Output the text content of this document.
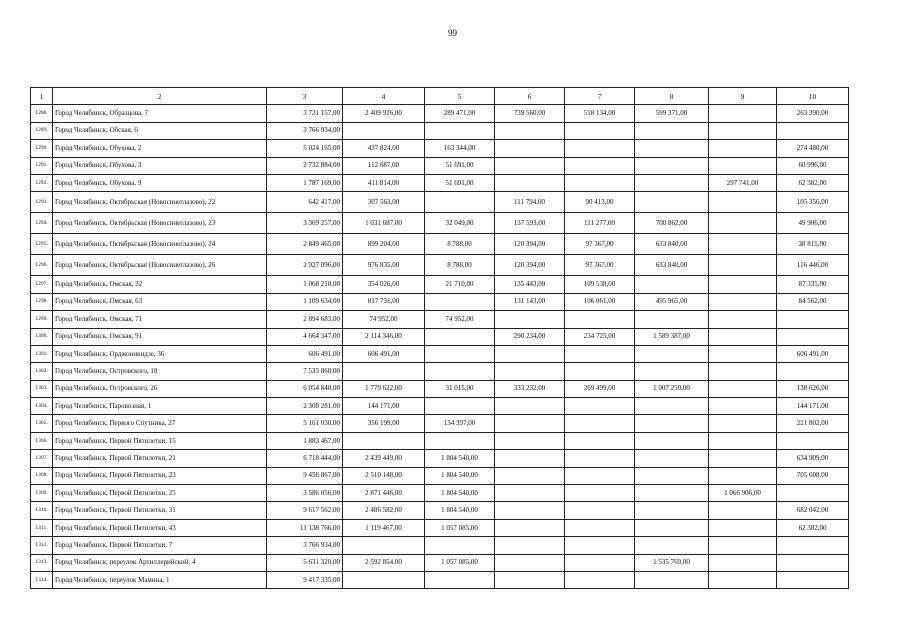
99
1	2	3	4	5	6	7	8	9	10
1288.	Город Челябинск, Образцова, 7	3 721 157,00	2 409 926,00	289 471,00	739 560,00	518 134,00	599 371,00		263 390,00
1289.	Город Челябинск, Обская, 6	3 766 934,00							
1290.	Город Челябинск, Обухова, 2	5 024 165,00	437 824,00	163 344,00					274 480,00
1291.	Город Челябинск, Обухова, 3	2 732 884,00	112 687,00	51 691,00					60 996,00
1292.	Город Челябинск, Обухова, 9	1 787 169,00	411 814,00	51 691,00				297 741,00	62 382,00
1293.	Город Челябинск, Октябрьская (Новосинеглазово), 22	642 417,00	307 563,00		111 794,00	90 413,00			105 356,00
1294.	Город Челябинск, Октябрьская (Новосинеглазово), 23	3 369 257,00	1 031 687,00	32 049,00	137 593,00	111 277,00	700 862,00		49 906,00
1295.	Город Челябинск, Октябрьская (Новосинеглазово), 24	2 849 465,00	899 204,00	8 788,00	120 394,00	97 367,00	633 840,00		38 815,00
1296.	Город Челябинск, Октябрьская (Новосинеглазово), 26	2 927 096,00	976 835,00	8 788,00	120 394,00	97 367,00	633 840,00		116 446,00
1297.	Город Челябинск, Омская, 32	1 068 210,00	354 026,00	21 710,00	135 443,00	109 538,00			87 335,00
1298.	Город Челябинск, Омская, 63	1 109 634,00	817 731,00		131 143,00	106 061,00	495 965,00		84 562,00
1299.	Город Челябинск, Омская, 71	2 894 683,00	74 952,00	74 952,00					
1300.	Город Челябинск, Омская, 91	4 664 347,00	2 114 346,00		290 234,00	234 725,00	1 589 387,00		
1301.	Город Челябинск, Орджоникидзе, 36	606 491,00	606 491,00						606 491,00
1302.	Город Челябинск, Островского, 18	7 533 868,00							
1303.	Город Челябинск, Островского, 26	6 054 840,00	1 779 622,00	31 015,00	333 232,00	269 499,00	1 007 250,00		138 626,00
1304.	Город Челябинск, Паровозная, 1	2 308 281,00	144 171,00						144 171,00
1305.	Город Челябинск, Первого Спутника, 27	5 161 030,00	356 199,00	134 397,00					221 802,00
1306.	Город Челябинск, Первой Пятилетки, 15	1 883 467,00							
1307.	Город Челябинск, Первой Пятилетки, 21	6 718 444,00	2 439 449,00	1 804 540,00					634 909,00
1308.	Город Челябинск, Первой Пятилетки, 23	9 456 867,00	2 510 148,00	1 804 540,00					705 608,00
1309.	Город Челябинск, Первой Пятилетки, 25	3 586 056,00	2 871 446,00	1 804 540,00				1 066 906,00	
1310.	Город Челябинск, Первой Пятилетки, 31	9 617 562,00	2 486 582,00	1 804 540,00					682 042,00
1311.	Город Челябинск, Первой Пятилетки, 43	11 138 766,00	1 119 467,00	1 057 085,00					62 382,00
1312.	Город Челябинск, Первой Пятилетки, 7	3 766 934,00							
1313.	Город Челябинск, переулок Артиллерийский, 4	5 631 320,00	2 592 854,00	1 057 085,00			1 535 769,00		
1314.	Город Челябинск, переулок Мамина, 1	9 417 335,00							
